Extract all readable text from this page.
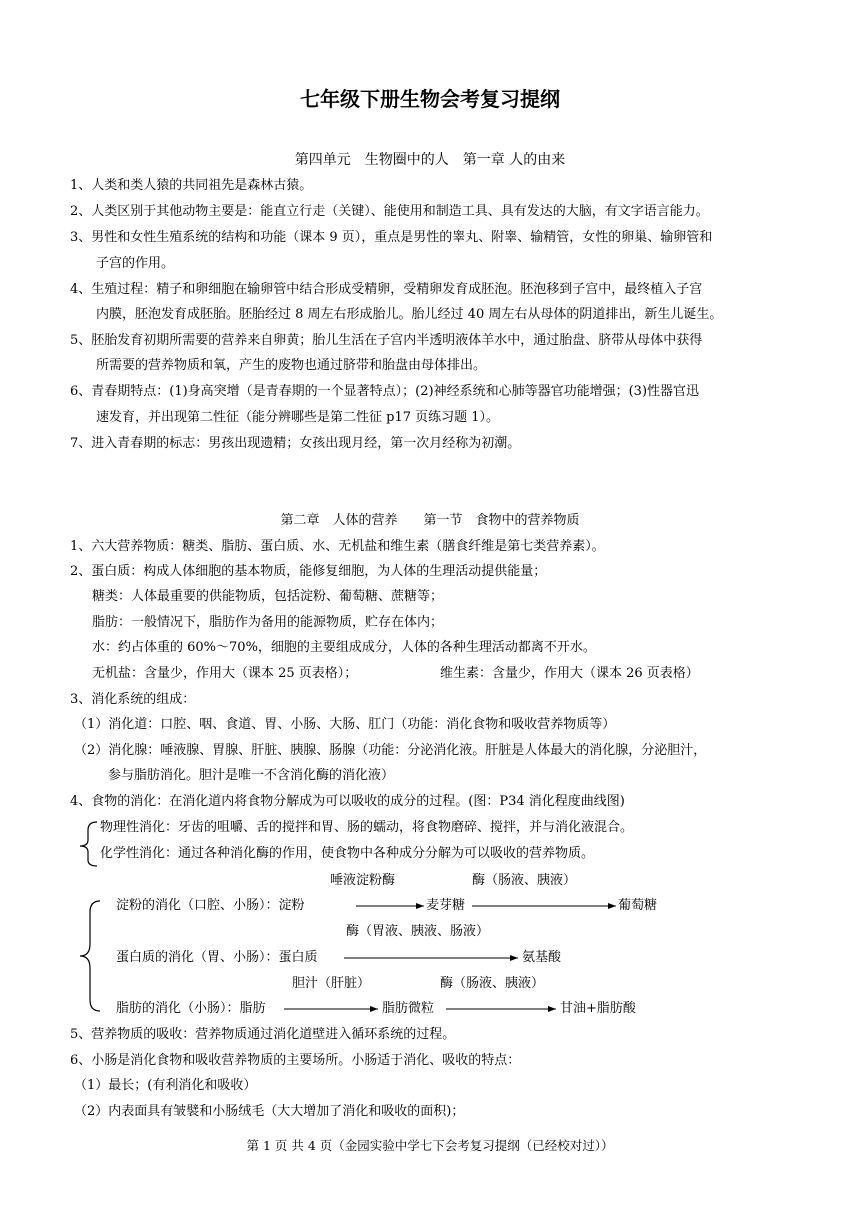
七年级下册生物会考复习提纲
第四单元　生物圈中的人　第一章 人的由来
1、人类和类人猿的共同祖先是森林古猿。
2、人类区别于其他动物主要是：能直立行走（关键）、能使用和制造工具、具有发达的大脑，有文字语言能力。
3、男性和女性生殖系统的结构和功能（课本 9 页），重点是男性的睾丸、附睾、输精管，女性的卵巢、输卵管和
子宫的作用。
4、生殖过程：精子和卵细胞在输卵管中结合形成受精卵，受精卵发育成胚泡。胚泡移到子宫中，最终植入子宫
内膜，胚泡发育成胚胎。胚胎经过 8 周左右形成胎儿。胎儿经过 40 周左右从母体的阴道排出，新生儿诞生。
5、胚胎发育初期所需要的营养来自卵黄；胎儿生活在子宫内半透明液体羊水中，通过胎盘、脐带从母体中获得
所需要的营养物质和氧，产生的废物也通过脐带和胎盘由母体排出。
6、青春期特点：(1)身高突增（是青春期的一个显著特点）；(2)神经系统和心肺等器官功能增强；(3)性器官迅
速发育，并出现第二性征（能分辨哪些是第二性征 p17 页练习题 1）。
7、进入青春期的标志：男孩出现遗精；女孩出现月经，第一次月经称为初潮。
第二章　人体的营养　　第一节　食物中的营养物质
1、六大营养物质：糖类、脂肪、蛋白质、水、无机盐和维生素（膳食纤维是第七类营养素）。
2、蛋白质：构成人体细胞的基本物质，能修复细胞，为人体的生理活动提供能量；
糖类：人体最重要的供能物质，包括淀粉、葡萄糖、蔗糖等；
脂肪：一般情况下，脂肪作为备用的能源物质，贮存在体内；
水：约占体重的 60%～70%，细胞的主要组成成分，人体的各种生理活动都离不开水。
无机盐：含量少，作用大（课本 25 页表格）；	维生素：含量少，作用大（课本 26 页表格）
3、消化系统的组成：
（1）消化道：口腔、咽、食道、胃、小肠、大肠、肛门（功能：消化食物和吸收营养物质等）
（2）消化腺：唾液腺、胃腺、肝脏、胰腺、肠腺（功能：分泌消化液。肝脏是人体最大的消化腺，分泌胆汁，
参与脂肪消化。胆汁是唯一不含消化酶的消化液）
4、食物的消化：在消化道内将食物分解成为可以吸收的成分的过程。(图：P34 消化程度曲线图)
物理性消化：牙齿的咀嚼、舌的搅拌和胃、肠的蠕动，将食物磨碎、搅拌，并与消化液混合。
化学性消化：通过各种消化酶的作用，使食物中各种成分分解为可以吸收的营养物质。
唾液淀粉酶	酶（肠液、胰液）
淀粉的消化（口腔、小肠）：淀粉	麦芽糖	葡萄糖
酶（胃液、胰液、肠液）
蛋白质的消化（胃、小肠）：蛋白质	氨基酸
胆汁（肝脏）	酶（肠液、胰液）
脂肪的消化（小肠）：脂肪	脂肪微粒	甘油+脂肪酸
5、营养物质的吸收：营养物质通过消化道壁进入循环系统的过程。
6、小肠是消化食物和吸收营养物质的主要场所。小肠适于消化、吸收的特点：
（1）最长；(有利消化和吸收）
（2）内表面具有皱襞和小肠绒毛（大大增加了消化和吸收的面积)；
第 1 页 共 4 页（金园实验中学七下会考复习提纲（已经校对过））
